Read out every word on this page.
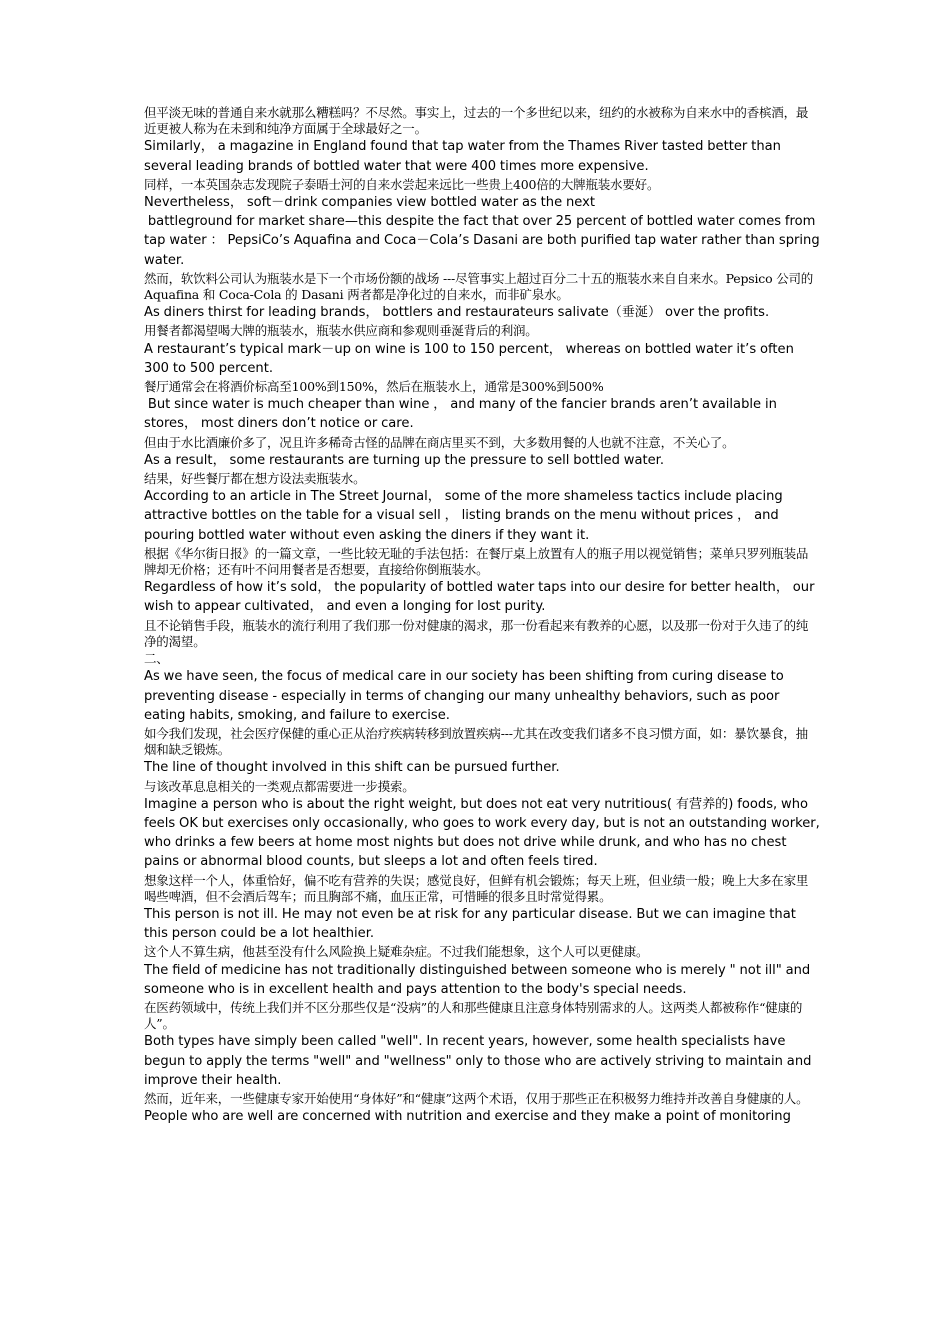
但平淡无味的普通自来水就那么糟糕吗？不尽然。事实上，过去的一个多世纪以来，纽约的水被称为自来水中的香槟酒，最近更被人称为在未到和纯净方面属于全球最好之一。

Similarly， a magazine in England found that tap water from the Thames River tasted better than several leading brands of bottled water that were 400 times more expensive.

同样，一本英国杂志发现院子泰晤士河的自来水尝起来远比一些贵上400倍的大牌瓶装水要好。

Nevertheless， soft－drink companies view bottled water as the next
battleground for market share—this despite the fact that over 25 percent of bottled water comes from tap water ： PepsiCo’s Aquafina and Coca－Cola’s Dasani are both purified tap water rather than spring water.

然而，软饮料公司认为瓶装水是下一个市场份额的战场 ---尽管事实上超过百分二十五的瓶装水来自自来水。Pepsico 公司的 Aquafina 和 Coca-Cola 的 Dasani 两者都是净化过的自来水，而非矿泉水。

As diners thirst for leading brands， bottlers and restaurateurs salivate（垂涎） over the profits.

用餐者都渴望喝大牌的瓶装水，瓶装水供应商和参观则垂涎背后的利润。

A restaurant’s typical mark－up on wine is 100 to 150 percent， whereas on bottled water it’s often 300 to 500 percent.

餐厅通常会在将酒价标高至100%到150%，然后在瓶装水上，通常是300%到500%

But since water is much cheaper than wine ， and many of the fancier brands aren’t available in stores， most diners don’t notice or care.

但由于水比酒廉价多了，况且许多稀奇古怪的品牌在商店里买不到，大多数用餐的人也就不注意，不关心了。

As a result， some restaurants are turning up the pressure to sell bottled water.

结果，好些餐厅都在想方设法卖瓶装水。

According to an article in The Street Journal， some of the more shameless tactics include placing attractive bottles on the table for a visual sell ， listing brands on the menu without prices ， and pouring bottled water without even asking the diners if they want it.

根据《华尔街日报》的一篇文章，一些比较无耻的手法包括：在餐厅桌上放置有人的瓶子用以视觉销售；菜单只罗列瓶装品牌却无价格；还有叶不问用餐者是否想要，直接给你倒瓶装水。

Regardless of how it’s sold， the popularity of bottled water taps into our desire for better health， our wish to appear cultivated， and even a longing for lost purity.

且不论销售手段，瓶装水的流行利用了我们那一份对健康的渴求，那一份看起来有教养的心愿，以及那一份对于久违了的纯净的渴望。

二、

As we have seen, the focus of medical care in our society has been shifting from curing disease to preventing disease - especially in terms of changing our many unhealthy behaviors, such as poor eating habits, smoking, and failure to exercise.

如今我们发现，社会医疗保健的重心正从治疗疾病转移到放置疾病---尤其在改变我们诸多不良习惯方面，如：暴饮暴食，抽烟和缺乏锻炼。

The line of thought involved in this shift can be pursued further.

与该改革息息相关的一类观点都需要进一步摸索。

Imagine a person who is about the right weight, but does not eat very nutritious( 有营养的) foods, who feels OK but exercises only occasionally, who goes to work every day, but is not an outstanding worker, who drinks a few beers at home most nights but does not drive while drunk, and who has no chest pains or abnormal blood counts, but sleeps a lot and often feels tired.

想象这样一个人，体重恰好，偏不吃有营养的失误；感觉良好，但鲜有机会锻炼；每天上班，但业绩一般；晚上大多在家里喝些啤酒，但不会酒后驾车；而且胸部不痛，血压正常，可惜睡的很多且时常觉得累。

This person is not ill. He may not even be at risk for any particular disease. But we can imagine that this person could be a lot healthier.

这个人不算生病，他甚至没有什么风险换上疑难杂症。不过我们能想象，这个人可以更健康。

The field of medicine has not traditionally distinguished between someone who is merely " not ill" and someone who is in excellent health and pays attention to the body's special needs.

在医药领域中，传统上我们并不区分那些仅是“没病”的人和那些健康且注意身体特别需求的人。这两类人都被称作“健康的人”。

Both types have simply been called "well". In recent years, however, some health specialists have begun to apply the terms "well" and "wellness" only to those who are actively striving to maintain and improve their health.

然而，近年来，一些健康专家开始使用“身体好”和“健康”这两个术语，仅用于那些正在积极努力维持并改善自身健康的人。

People who are well are concerned with nutrition and exercise and they make a point of monitoring
